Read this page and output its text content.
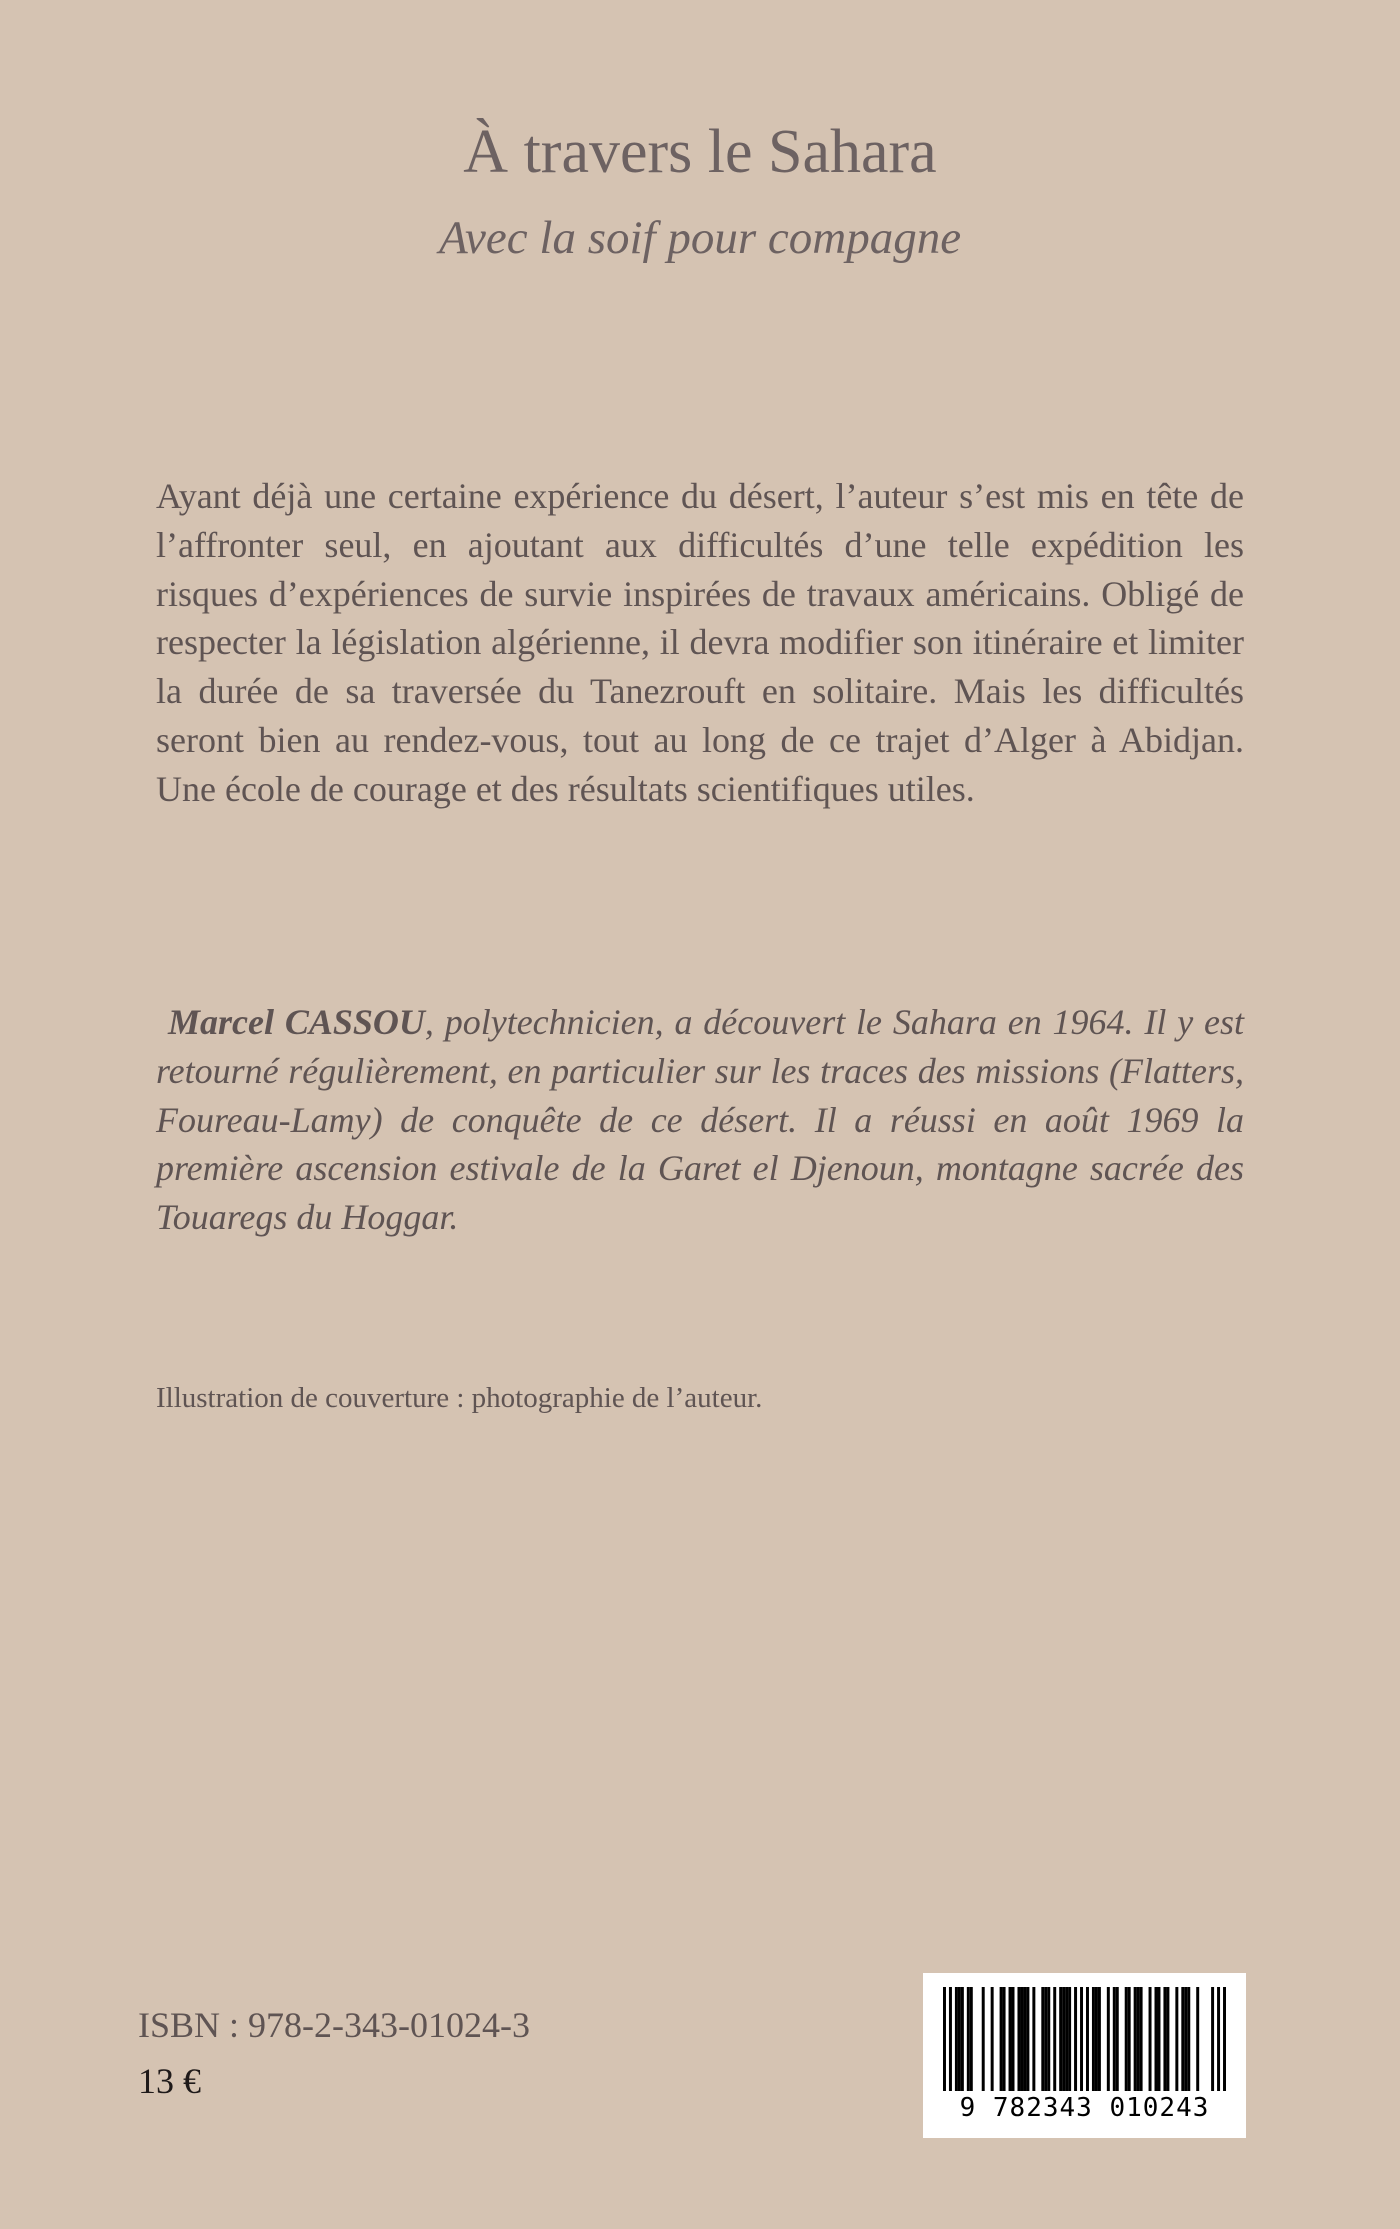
À travers le Sahara
Avec la soif pour compagne

Ayant déjà une certaine expérience du désert, l’auteur s’est mis en tête de l’affronter seul, en ajoutant aux difficultés d’une telle expédition les risques d’expériences de survie inspirées de travaux américains. Obligé de respecter la législation algérienne, il devra modifier son itinéraire et limiter la durée de sa traversée du Tanezrouft en solitaire. Mais les difficultés seront bien au rendez-vous, tout au long de ce trajet d’Alger à Abidjan. Une école de courage et des résultats scientifiques utiles.

Marcel CASSOU, polytechnicien, a découvert le Sahara en 1964. Il y est retourné régulièrement, en particulier sur les traces des missions (Flatters, Foureau-Lamy) de conquête de ce désert. Il a réussi en août 1969 la première ascension estivale de la Garet el Djenoun, montagne sacrée des Touaregs du Hoggar.

Illustration de couverture : photographie de l’auteur.

ISBN : 978-2-343-01024-3

13 €

9 782343 010243
